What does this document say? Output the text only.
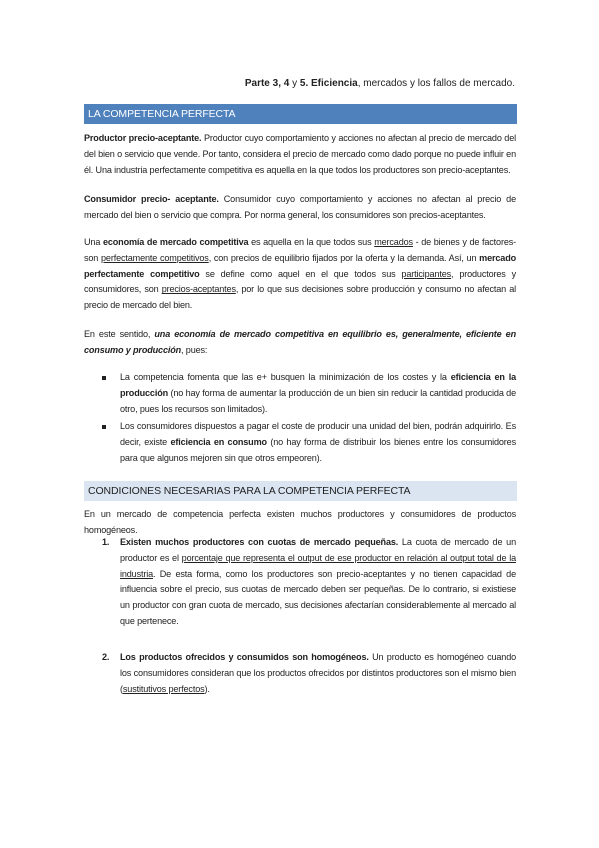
Parte 3, 4 y 5. Eficiencia, mercados y los fallos de mercado.
LA COMPETENCIA PERFECTA

Productor precio-aceptante. Productor cuyo comportamiento y acciones no afectan al precio de mercado del del bien o servicio que vende. Por tanto, considera el precio de mercado como dado porque no puede influir en él. Una industria perfectamente competitiva es aquella en la que todos los productores son precio-aceptantes.

Consumidor precio- aceptante. Consumidor cuyo comportamiento y acciones no afectan al precio de mercado del bien o servicio que compra. Por norma general, los consumidores son precios-aceptantes.

Una economía de mercado competitiva es aquella en la que todos sus mercados - de bienes y de factores- son perfectamente competitivos, con precios de equilibrio fijados por la oferta y la demanda. Así, un mercado perfectamente competitivo se define como aquel en el que todos sus participantes, productores y consumidores, son precios-aceptantes, por lo que sus decisiones sobre producción y consumo no afectan al precio de mercado del bien.

En este sentido, una economía de mercado competitiva en equilibrio es, generalmente, eficiente en consumo y producción, pues:

La competencia fomenta que las e+ busquen la minimización de los costes y la eficiencia en la producción (no hay forma de aumentar la producción de un bien sin reducir la cantidad producida de otro, pues los recursos son limitados).
Los consumidores dispuestos a pagar el coste de producir una unidad del bien, podrán adquirirlo. Es decir, existe eficiencia en consumo (no hay forma de distribuir los bienes entre los consumidores para que algunos mejoren sin que otros empeoren).
CONDICIONES NECESARIAS PARA LA COMPETENCIA PERFECTA

En un mercado de competencia perfecta existen muchos productores y consumidores de productos homogéneos.

1. Existen muchos productores con cuotas de mercado pequeñas. La cuota de mercado de un productor es el porcentaje que representa el output de ese productor en relación al output total de la industria. De esta forma, como los productores son precio-aceptantes y no tienen capacidad de influencia sobre el precio, sus cuotas de mercado deben ser pequeñas. De lo contrario, si existiese un productor con gran cuota de mercado, sus decisiones afectarían considerablemente al mercado al que pertenece.
2. Los productos ofrecidos y consumidos son homogéneos. Un producto es homogéneo cuando los consumidores consideran que los productos ofrecidos por distintos productores son el mismo bien (sustitutivos perfectos).
